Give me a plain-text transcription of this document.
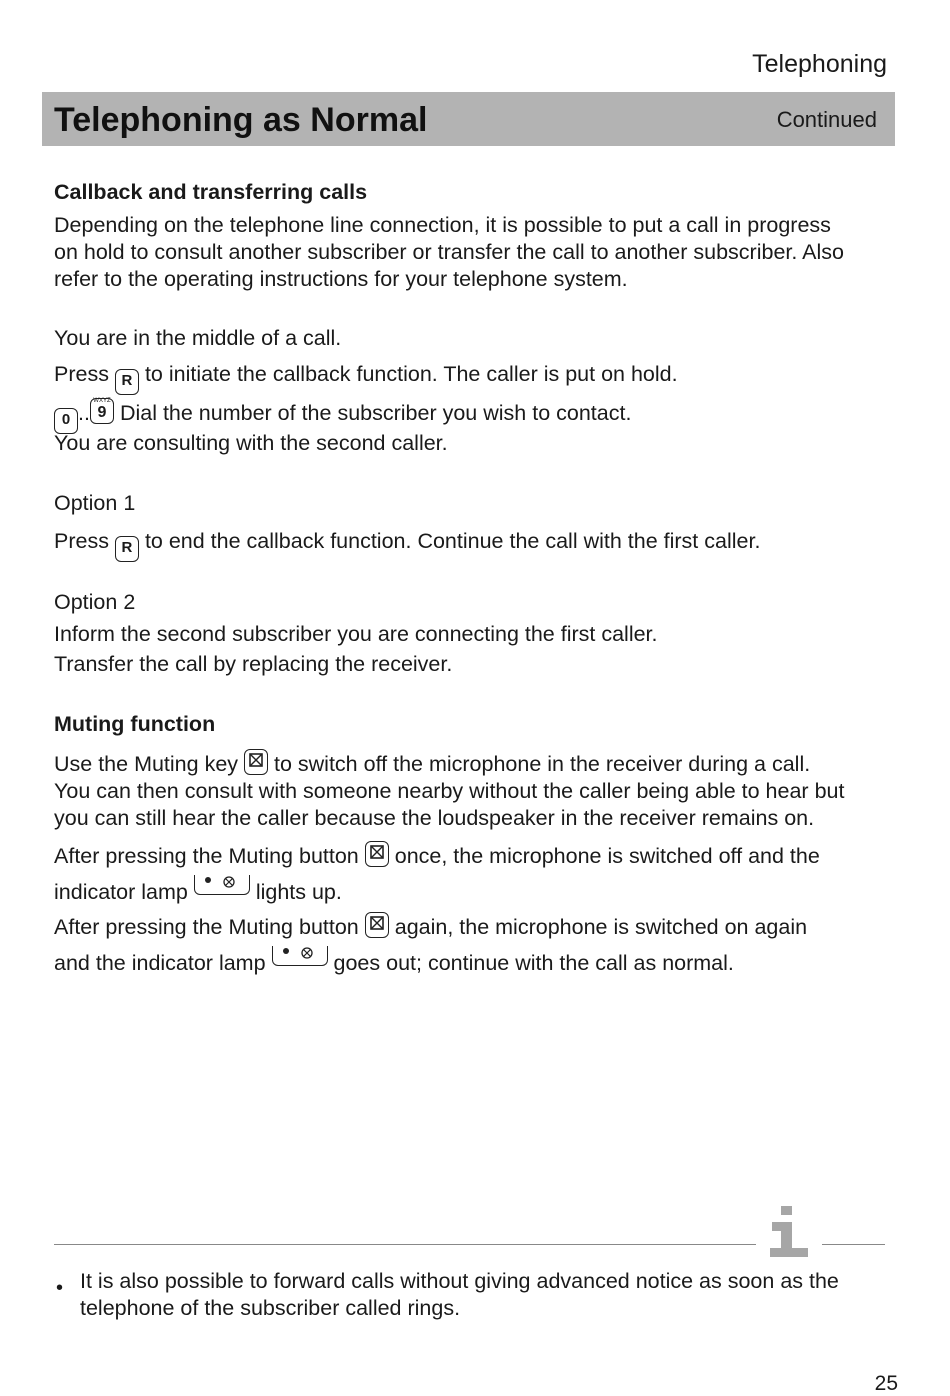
Telephoning
Telephoning as Normal	Continued
Callback and transferring calls
Depending on the telephone line connection, it is possible to put a call in progress
on hold to consult another subscriber or transfer the call to another subscriber. Also
refer to the operating instructions for your telephone system.
You are in the middle of a call.
Press R to initiate the callback function. The caller is put on hold.
0 .. WXYZ
9 Dial the number of the subscriber you wish to contact.
You are consulting with the second caller.
Option 1
Press R to end the callback function. Continue the call with the first caller.
Option 2
Inform the second subscriber you are connecting the first caller.
Transfer the call by replacing the receiver.
Muting function
Use the Muting key to switch off the microphone in the receiver during a call.
You can then consult with someone nearby without the caller being able to hear but
you can still hear the caller because the loudspeaker in the receiver remains on.
After pressing the Muting button once, the microphone is switched off and the
indicator lamp	lights up.
After pressing the Muting button again, the microphone is switched on again
and the indicator lamp	goes out; continue with the call as normal.
• It is also possible to forward calls without giving advanced notice as soon as the
telephone of the subscriber called rings.
25
